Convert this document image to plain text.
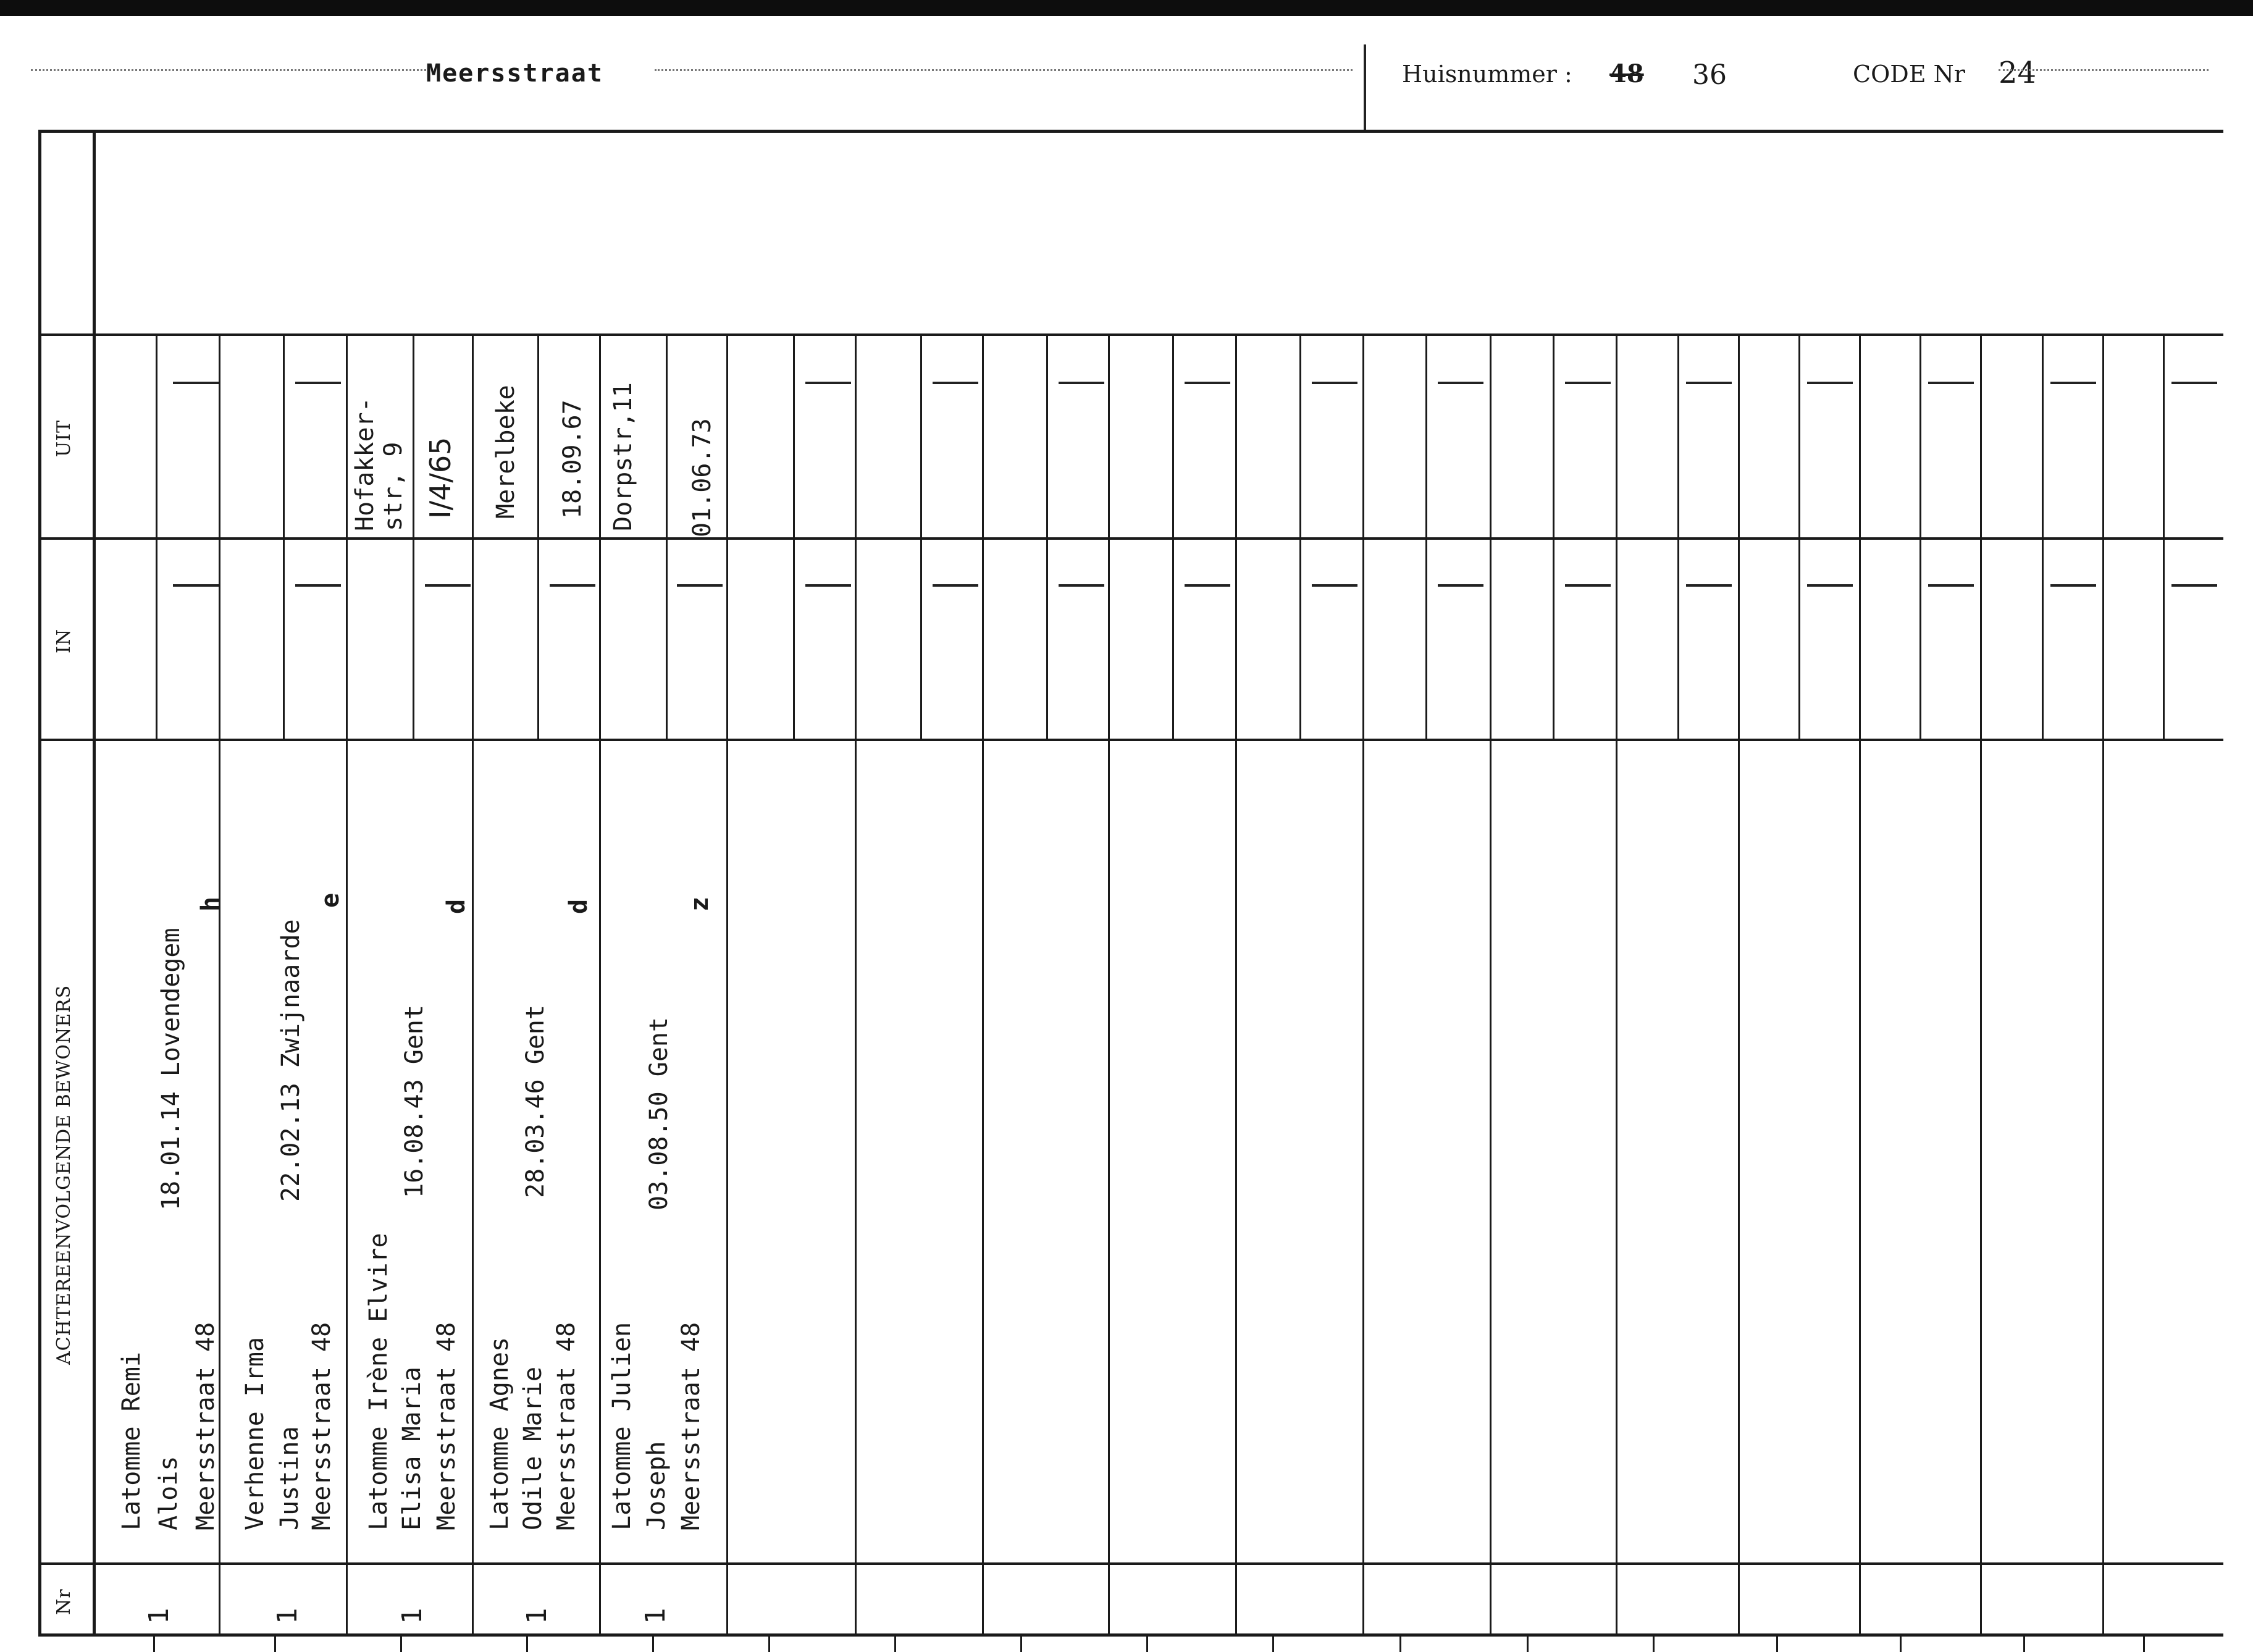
Meersstraat	Huisnummer : 48 36	CODE Nr 24
UIT
IN
ACHTEREENVOLGENDE BEWONERS
Nr
Hofakker-
str, 9 I/4/65 Merelbeke 18.09.67 Dorpstr,11 01.06.73
Latomme Remi Alois Meersstraat 48
18.01.14 Lovendegem
h
1
Verhenne Irma Justina Meersstraat 48
22.02.13 Zwijnaarde
e
1
Latomme Irène Elvire Elisa Maria Meersstraat 48
16.08.43 Gent
d
1
Latomme Agnes Odile Marie Meersstraat 48
28.03.46 Gent
d
1
Latomme Julien Joseph Meersstraat 48
03.08.50 Gent
z
1
